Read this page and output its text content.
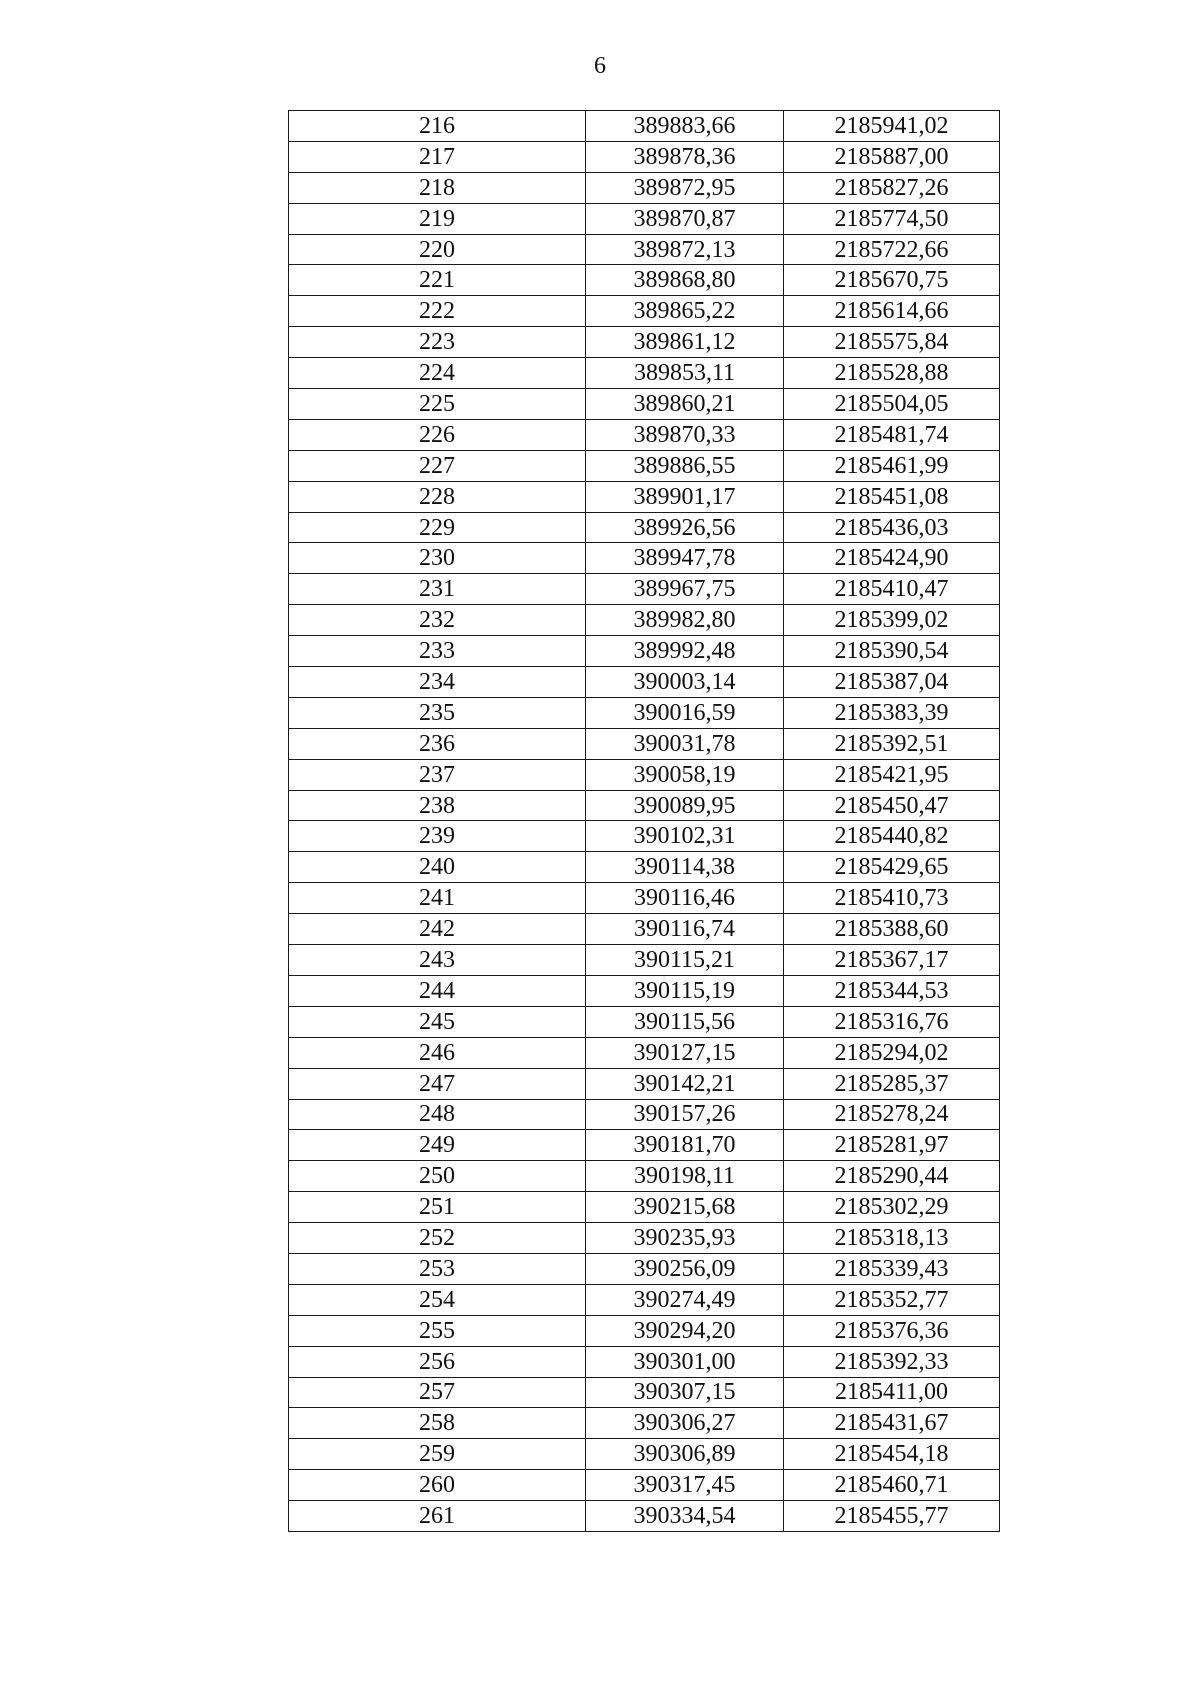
6
216	389883,66	2185941,02
217	389878,36	2185887,00
218	389872,95	2185827,26
219	389870,87	2185774,50
220	389872,13	2185722,66
221	389868,80	2185670,75
222	389865,22	2185614,66
223	389861,12	2185575,84
224	389853,11	2185528,88
225	389860,21	2185504,05
226	389870,33	2185481,74
227	389886,55	2185461,99
228	389901,17	2185451,08
229	389926,56	2185436,03
230	389947,78	2185424,90
231	389967,75	2185410,47
232	389982,80	2185399,02
233	389992,48	2185390,54
234	390003,14	2185387,04
235	390016,59	2185383,39
236	390031,78	2185392,51
237	390058,19	2185421,95
238	390089,95	2185450,47
239	390102,31	2185440,82
240	390114,38	2185429,65
241	390116,46	2185410,73
242	390116,74	2185388,60
243	390115,21	2185367,17
244	390115,19	2185344,53
245	390115,56	2185316,76
246	390127,15	2185294,02
247	390142,21	2185285,37
248	390157,26	2185278,24
249	390181,70	2185281,97
250	390198,11	2185290,44
251	390215,68	2185302,29
252	390235,93	2185318,13
253	390256,09	2185339,43
254	390274,49	2185352,77
255	390294,20	2185376,36
256	390301,00	2185392,33
257	390307,15	2185411,00
258	390306,27	2185431,67
259	390306,89	2185454,18
260	390317,45	2185460,71
261	390334,54	2185455,77
